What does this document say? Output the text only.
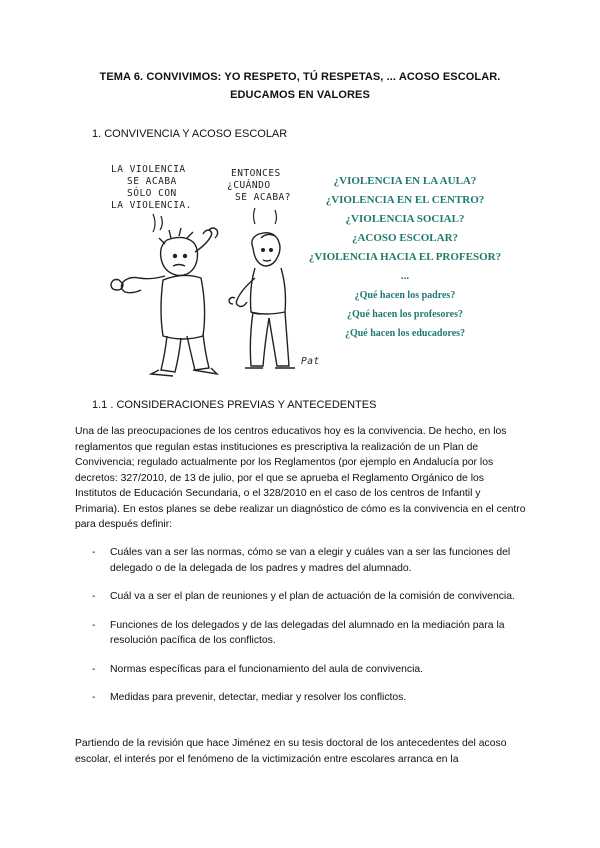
TEMA 6. CONVIVIMOS: YO RESPETO, TÚ RESPETAS, ... ACOSO ESCOLAR.
EDUCAMOS EN VALORES
1. CONVIVENCIA Y ACOSO ESCOLAR
LA VIOLENCIA
SE ACABA
SÓLO CON
LA VIOLENCIA.
ENTONCES
¿CUÁNDO
SE ACABA?
Pat
¿VIOLENCIA EN LA AULA?
¿VIOLENCIA EN EL CENTRO?
¿VIOLENCIA SOCIAL?
¿ACOSO ESCOLAR?
¿VIOLENCIA HACIA EL PROFESOR?
...
¿Qué hacen los padres?
¿Qué hacen los profesores?
¿Qué hacen los educadores?
1.1 . CONSIDERACIONES PREVIAS Y ANTECEDENTES
Una de las preocupaciones de los centros educativos hoy es la convivencia. De hecho, en los reglamentos que regulan estas instituciones es prescriptiva la realización de un Plan de Convivencia; regulado actualmente por los Reglamentos (por ejemplo en Andalucía por los decretos: 327/2010, de 13 de julio, por el que se aprueba el Reglamento Orgánico de los Institutos de Educación Secundaria, o el 328/2010 en el caso de los centros de Infantil y Primaria). En estos planes se debe realizar un diagnóstico de cómo es la convivencia en el centro para después definir:
- Cuáles van a ser las normas, cómo se van a elegir y cuáles van a ser las funciones del delegado o de la delegada de los padres y madres del alumnado.
- Cuál va a ser el plan de reuniones y el plan de actuación de la comisión de convivencia.
- Funciones de los delegados y de las delegadas del alumnado en la mediación para la resolución pacífica de los conflictos.
- Normas específicas para el funcionamiento del aula de convivencia.
- Medidas para prevenir, detectar, mediar y resolver los conflictos.
Partiendo de la revisión que hace Jiménez en su tesis doctoral de los antecedentes del acoso escolar, el interés por el fenómeno de la victimización entre escolares arranca en la
